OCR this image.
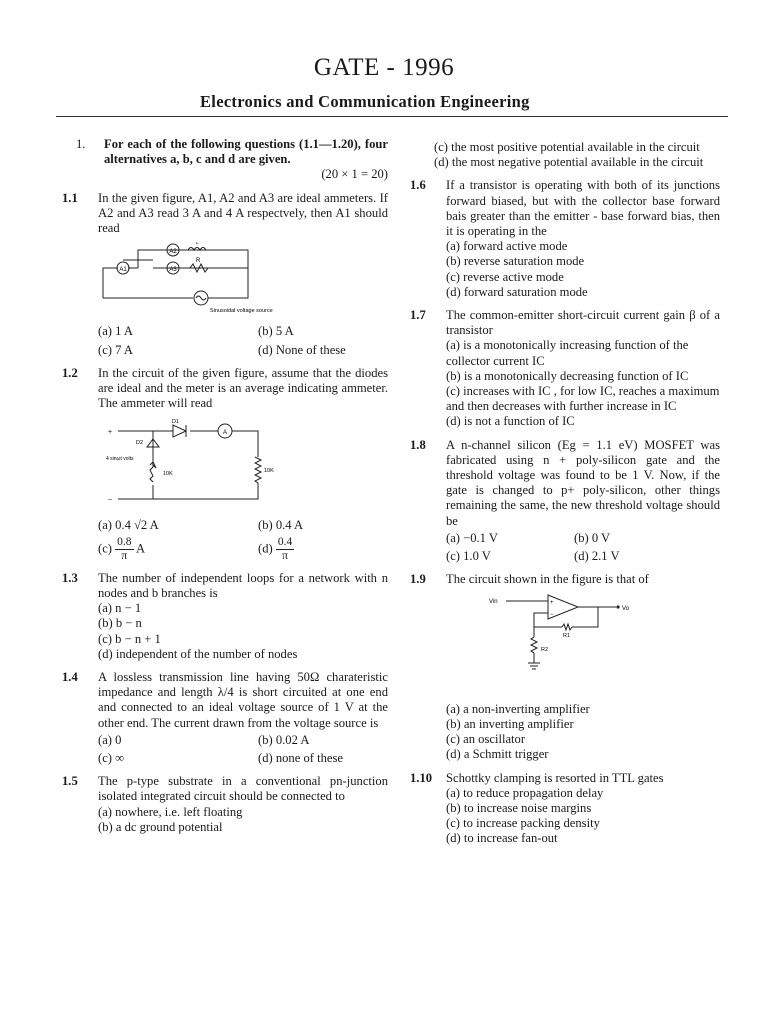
GATE - 1996
Electronics and Communication Engineering
1. For each of the following questions (1.1—1.20), four alternatives a, b, c and d are given.
(20 × 1 = 20)
1.1 In the given figure, A1, A2 and A3 are ideal ammeters. If A2 and A3 read 3 A and 4 A respectvely, then A1 should read
A1
A2
A3
L
R
Sinusoidal voltage source
(a) 1 A	(b) 5 A
(c) 7 A	(d) None of these
1.2 In the circuit of the given figure, assume that the diodes are ideal and the meter is an average indicating ammeter. The ammeter will read
+
−
D1
D2
A
4 sinωt volts
10K	10K
(a) 0.4 √2 A	(b) 0.4 A
$(c) \frac{0.8}{\pi}$ A	$(d) \frac{0.4}{\pi}$
1.3 The number of independent loops for a network with n nodes and b branches is
(a) n − 1
(b) b − n
(c) b − n + 1
(d) independent of the number of nodes
1.4 A lossless transmission line having 50Ω charateristic impedance and length λ/4 is short circuited at one end and connected to an ideal voltage source of 1 V at the other end. The current drawn from the voltage source is
(a) 0	(b) 0.02 A
(c) ∞	(d) none of these
1.5 The p-type substrate in a conventional pn-junction isolated integrated circuit should be connected to
(a) nowhere, i.e. left floating
(b) a dc ground potential
(c) the most positive potential available in the circuit
(d) the most negative potential available in the circuit
1.6 If a transistor is operating with both of its junctions forward biased, but with the collector base forward bais greater than the emitter - base forward bias, then it is operating in the
(a) forward active mode
(b) reverse saturation mode
(c) reverse active mode
(d) forward saturation mode
1.7 The common-emitter short-circuit current gain β of a transistor
(a) is a monotonically increasing function of the collector current IC
(b) is a monotonically decreasing function of IC
(c) increases with IC , for low IC, reaches a maximum and then decreases with further increase in IC
(d) is not a function of IC
1.8 A n-channel silicon (Eg = 1.1 eV) MOSFET was fabricated using n + poly-silicon gate and the threshold voltage was found to be 1 V. Now, if the gate is changed to p+ poly-silicon, other things remaining the same, the new threshold voltage should be
(a) −0.1 V	(b) 0 V
(c) 1.0 V	(d) 2.1 V
1.9 The circuit shown in the figure is that of
Vin
Vo
+
−
R1
R2
(a) a non-inverting amplifier
(b) an inverting amplifier
(c) an oscillator
(d) a Schmitt trigger
1.10 Schottky clamping is resorted in TTL gates
(a) to reduce propagation delay
(b) to increase noise margins
(c) to increase packing density
(d) to increase fan-out
